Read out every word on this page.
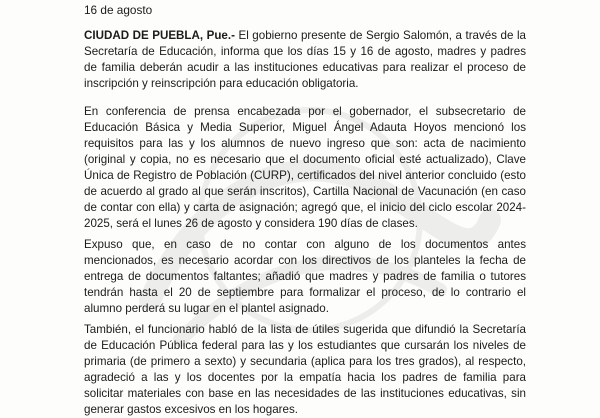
16 de agosto

CIUDAD DE PUEBLA, Pue.- El gobierno presente de Sergio Salomón, a través de la Secretaría de Educación, informa que los días 15 y 16 de agosto, madres y padres de familia deberán acudir a las instituciones educativas para realizar el proceso de inscripción y reinscripción para educación obligatoria.

En conferencia de prensa encabezada por el gobernador, el subsecretario de Educación Básica y Media Superior, Miguel Ángel Adauta Hoyos mencionó los requisitos para las y los alumnos de nuevo ingreso que son: acta de nacimiento (original y copia, no es necesario que el documento oficial esté actualizado), Clave Única de Registro de Población (CURP), certificados del nivel anterior concluido (esto de acuerdo al grado al que serán inscritos), Cartilla Nacional de Vacunación (en caso de contar con ella) y carta de asignación; agregó que, el inicio del ciclo escolar 2024-2025, será el lunes 26 de agosto y considera 190 días de clases.

Expuso que, en caso de no contar con alguno de los documentos antes mencionados, es necesario acordar con los directivos de los planteles la fecha de entrega de documentos faltantes; añadió que madres y padres de familia o tutores tendrán hasta el 20 de septiembre para formalizar el proceso, de lo contrario el alumno perderá su lugar en el plantel asignado.

También, el funcionario habló de la lista de útiles sugerida que difundió la Secretaría de Educación Pública federal para las y los estudiantes que cursarán los niveles de primaria (de primero a sexto) y secundaria (aplica para los tres grados), al respecto, agradeció a las y los docentes por la empatía hacia los padres de familia para solicitar materiales con base en las necesidades de las instituciones educativas, sin generar gastos excesivos en los hogares.
